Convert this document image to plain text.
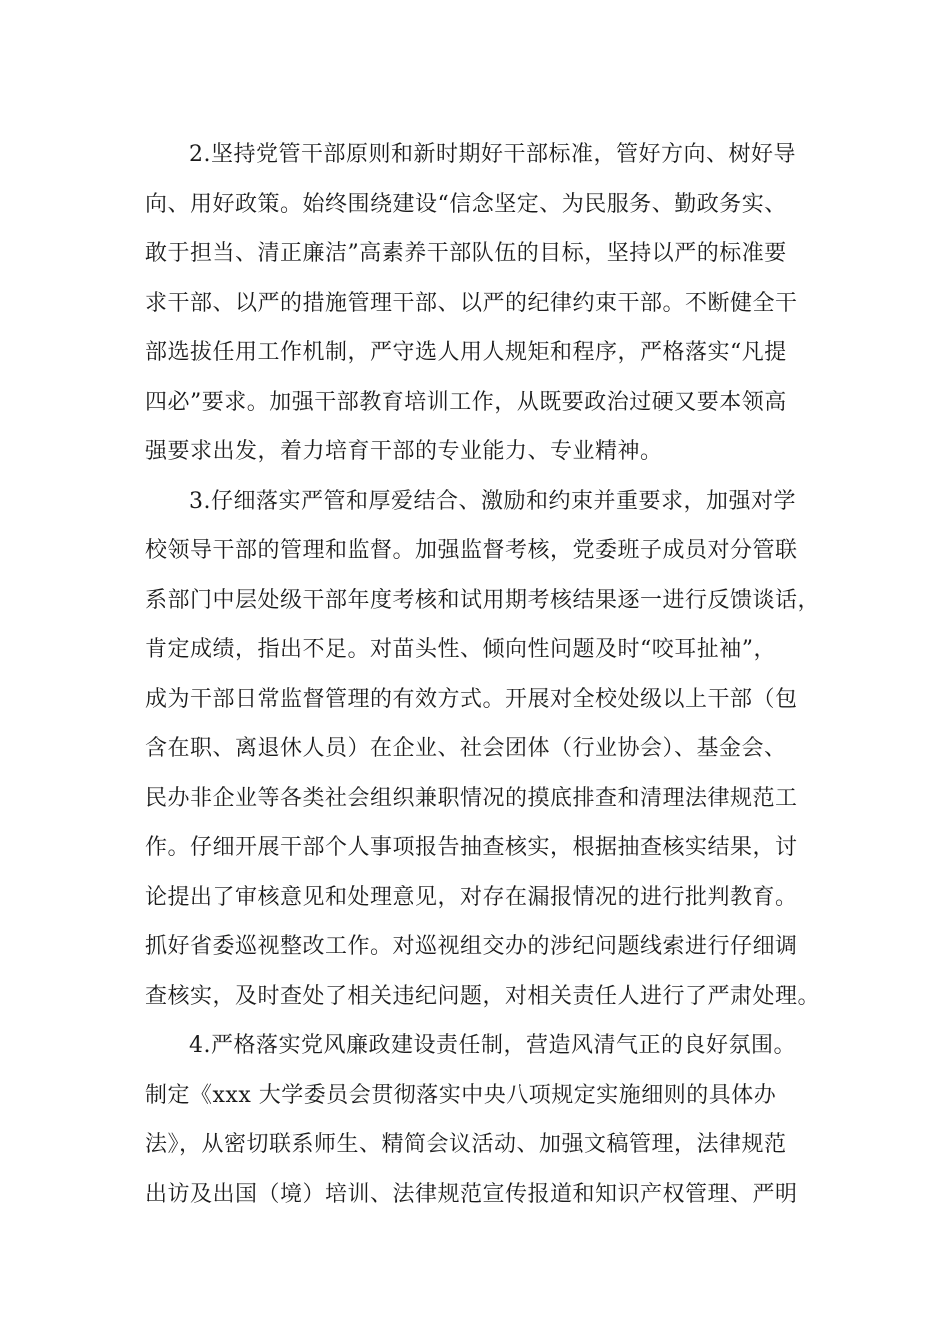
2.坚持党管干部原则和新时期好干部标准，管好方向、树好导
向、用好政策。始终围绕建设“信念坚定、为民服务、勤政务实、
敢于担当、清正廉洁”高素养干部队伍的目标，坚持以严的标准要
求干部、以严的措施管理干部、以严的纪律约束干部。不断健全干
部选拔任用工作机制，严守选人用人规矩和程序，严格落实“凡提
四必”要求。加强干部教育培训工作，从既要政治过硬又要本领高
强要求出发，着力培育干部的专业能力、专业精神。

3.仔细落实严管和厚爱结合、激励和约束并重要求，加强对学
校领导干部的管理和监督。加强监督考核，党委班子成员对分管联
系部门中层处级干部年度考核和试用期考核结果逐一进行反馈谈话，
肯定成绩，指出不足。对苗头性、倾向性问题及时“咬耳扯袖”，
成为干部日常监督管理的有效方式。开展对全校处级以上干部（包
含在职、离退休人员）在企业、社会团体（行业协会）、基金会、
民办非企业等各类社会组织兼职情况的摸底排查和清理法律规范工
作。仔细开展干部个人事项报告抽查核实，根据抽查核实结果，讨
论提出了审核意见和处理意见，对存在漏报情况的进行批判教育。
抓好省委巡视整改工作。对巡视组交办的涉纪问题线索进行仔细调
查核实，及时查处了相关违纪问题，对相关责任人进行了严肃处理。

4.严格落实党风廉政建设责任制，营造风清气正的良好氛围。
制定《xxx 大学委员会贯彻落实中央八项规定实施细则的具体办
法》，从密切联系师生、精简会议活动、加强文稿管理，法律规范
出访及出国（境）培训、法律规范宣传报道和知识产权管理、严明
